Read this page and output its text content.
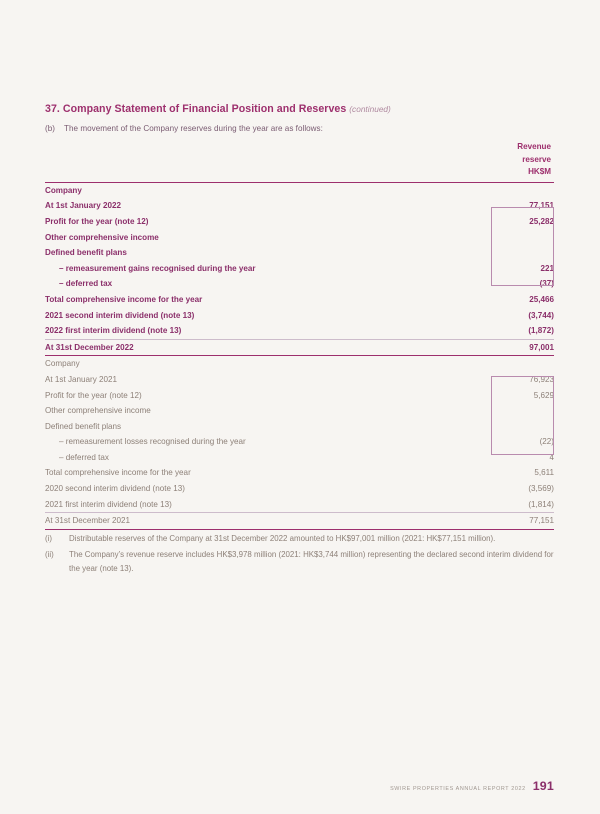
37. Company Statement of Financial Position and Reserves (continued)
(b) The movement of the Company reserves during the year are as follows:

	Revenue
reserve
HK$M

Company	
At 1st January 2022	77,151
Profit for the year (note 12)	25,282
Other comprehensive income	
Defined benefit plans	
– remeasurement gains recognised during the year	221
– deferred tax	(37)
Total comprehensive income for the year	25,466
2021 second interim dividend (note 13)	(3,744)
2022 first interim dividend (note 13)	(1,872)
At 31st December 2022	97,001
Company	
At 1st January 2021	76,923
Profit for the year (note 12)	5,629
Other comprehensive income	
Defined benefit plans	
– remeasurement losses recognised during the year	(22)
– deferred tax	4
Total comprehensive income for the year	5,611
2020 second interim dividend (note 13)	(3,569)
2021 first interim dividend (note 13)	(1,814)
At 31st December 2021	77,151
(i)	Distributable reserves of the Company at 31st December 2022 amounted to HK$97,001 million (2021: HK$77,151 million).
(ii)	The Company’s revenue reserve includes HK$3,978 million (2021: HK$3,744 million) representing the declared second interim dividend for the year (note 13).
SWIRE PROPERTIES ANNUAL REPORT 2022 191
